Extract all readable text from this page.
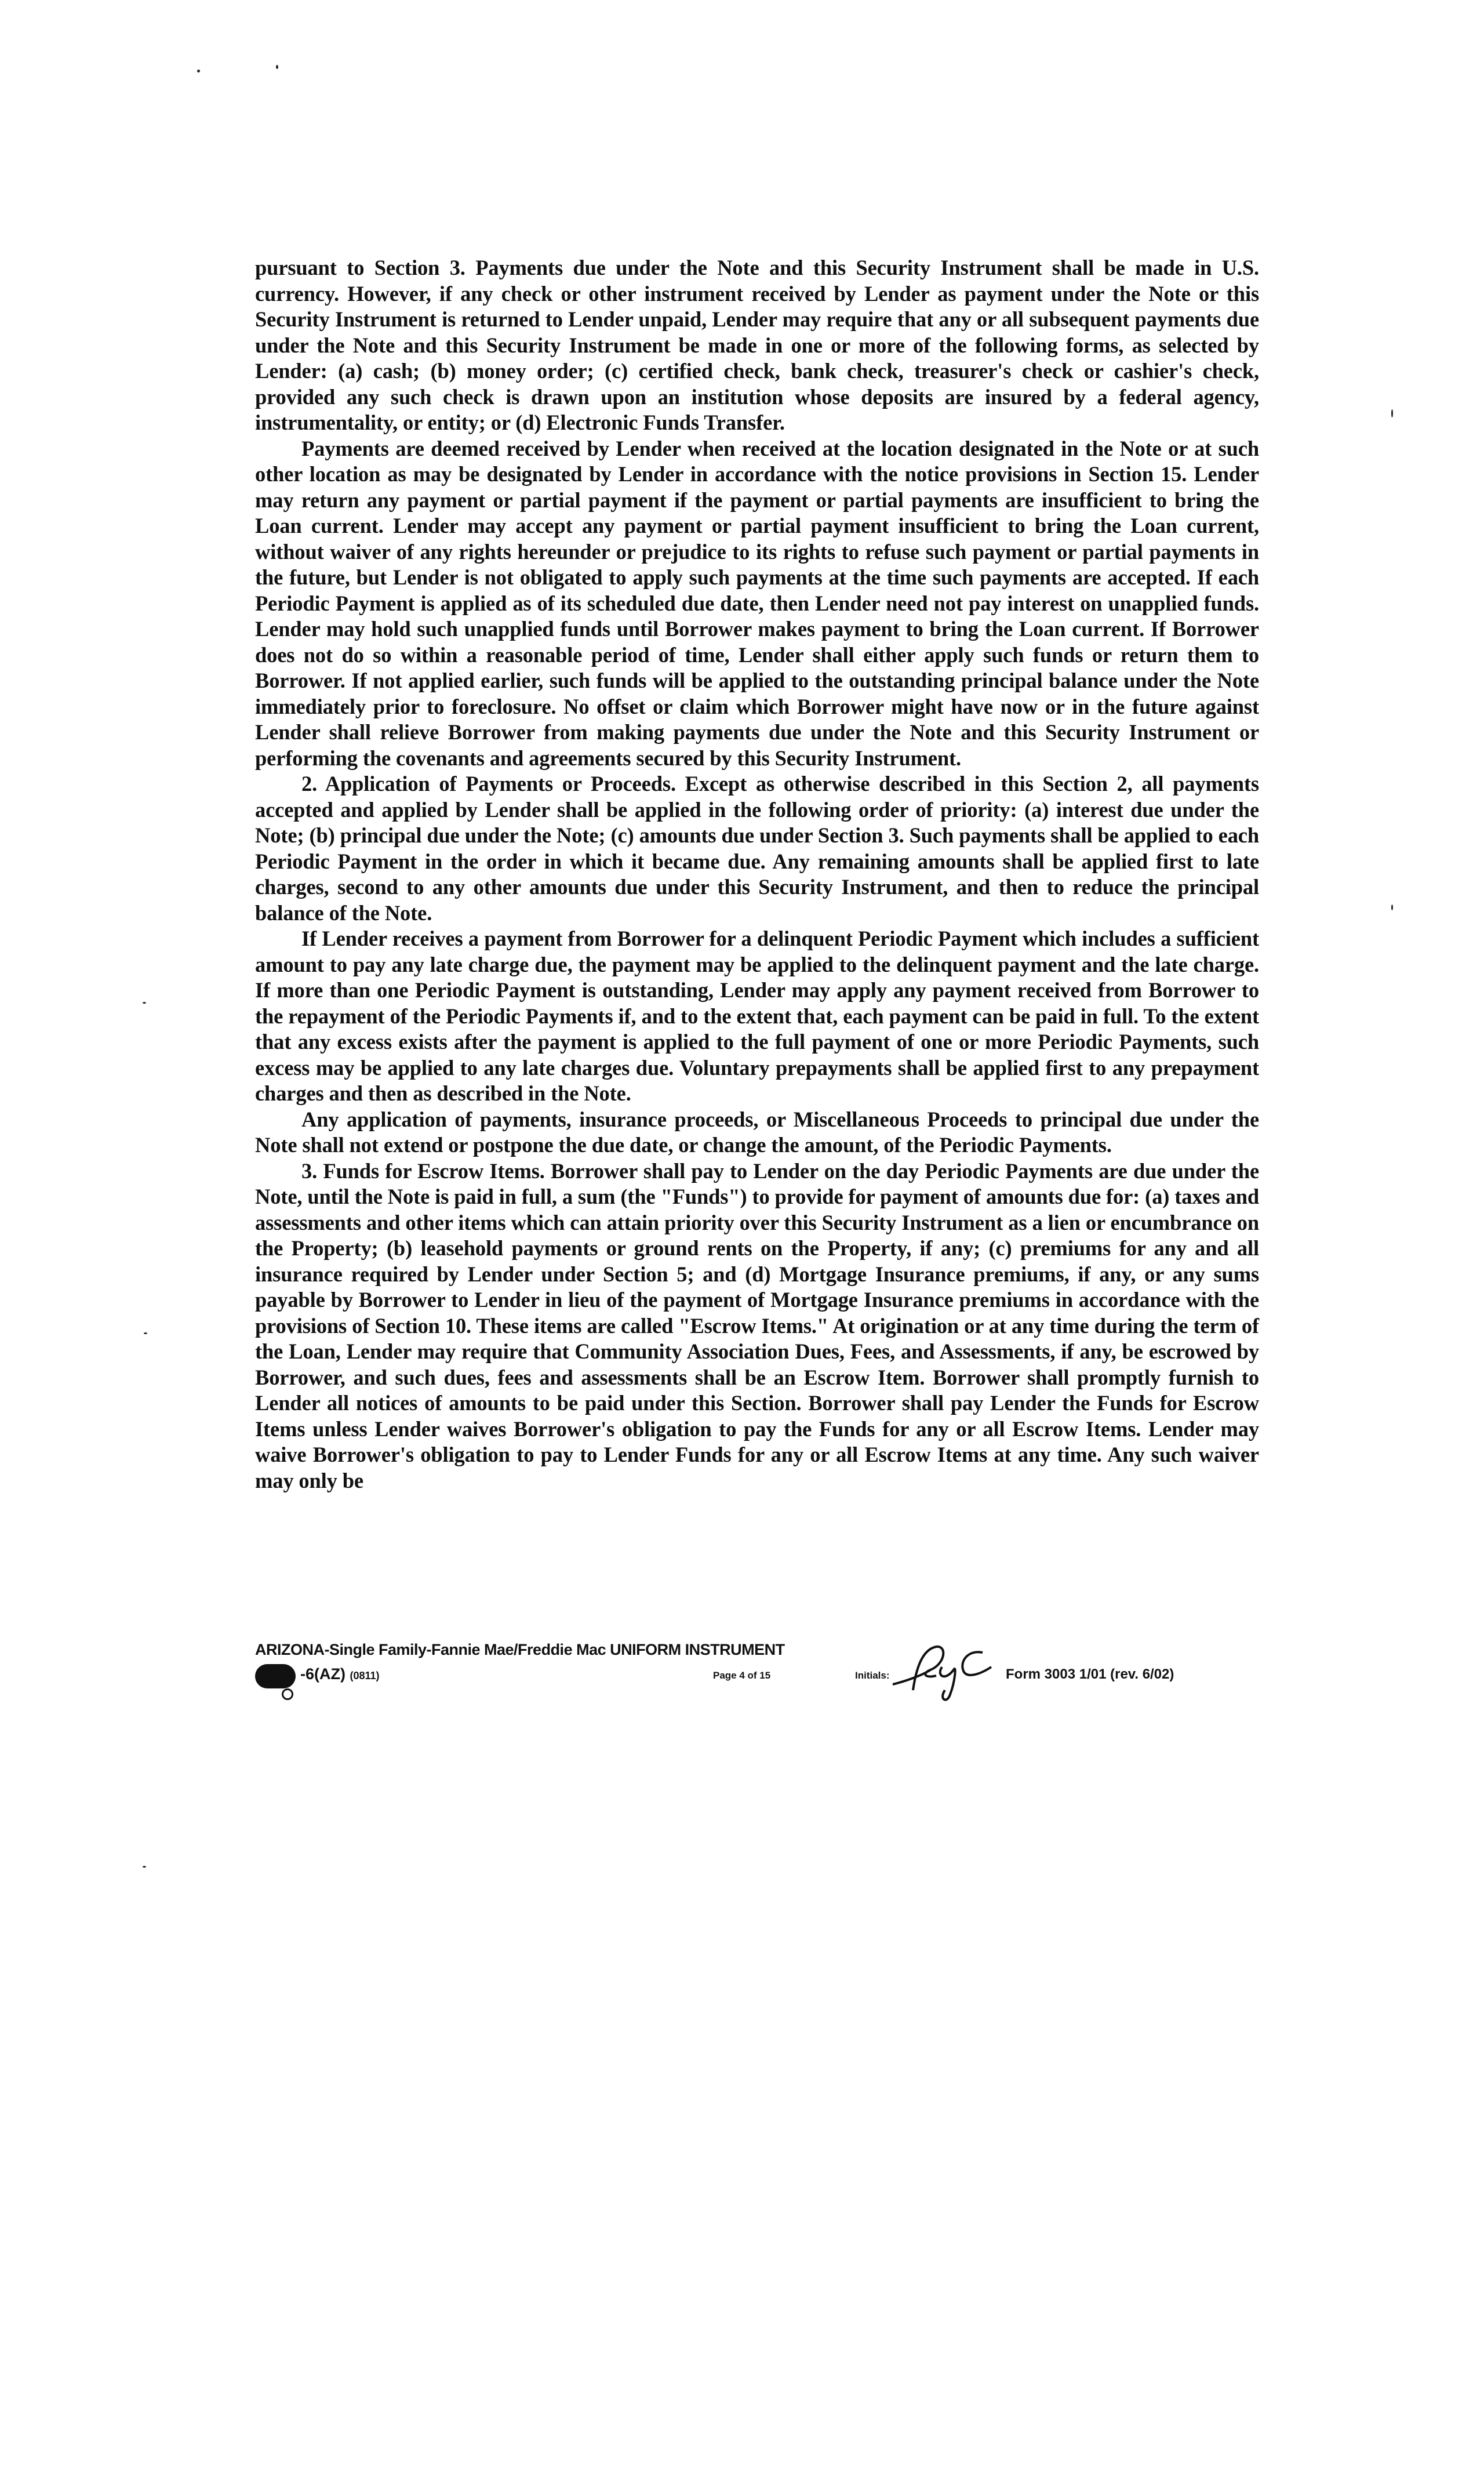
pursuant to Section 3. Payments due under the Note and this Security Instrument shall be made in U.S. currency. However, if any check or other instrument received by Lender as payment under the Note or this Security Instrument is returned to Lender unpaid, Lender may require that any or all subsequent payments due under the Note and this Security Instrument be made in one or more of the following forms, as selected by Lender: (a) cash; (b) money order; (c) certified check, bank check, treasurer's check or cashier's check, provided any such check is drawn upon an institution whose deposits are insured by a federal agency, instrumentality, or entity; or (d) Electronic Funds Transfer.

Payments are deemed received by Lender when received at the location designated in the Note or at such other location as may be designated by Lender in accordance with the notice provisions in Section 15. Lender may return any payment or partial payment if the payment or partial payments are insufficient to bring the Loan current. Lender may accept any payment or partial payment insufficient to bring the Loan current, without waiver of any rights hereunder or prejudice to its rights to refuse such payment or partial payments in the future, but Lender is not obligated to apply such payments at the time such payments are accepted. If each Periodic Payment is applied as of its scheduled due date, then Lender need not pay interest on unapplied funds. Lender may hold such unapplied funds until Borrower makes payment to bring the Loan current. If Borrower does not do so within a reasonable period of time, Lender shall either apply such funds or return them to Borrower. If not applied earlier, such funds will be applied to the outstanding principal balance under the Note immediately prior to foreclosure. No offset or claim which Borrower might have now or in the future against Lender shall relieve Borrower from making payments due under the Note and this Security Instrument or performing the covenants and agreements secured by this Security Instrument.

2. Application of Payments or Proceeds. Except as otherwise described in this Section 2, all payments accepted and applied by Lender shall be applied in the following order of priority: (a) interest due under the Note; (b) principal due under the Note; (c) amounts due under Section 3. Such payments shall be applied to each Periodic Payment in the order in which it became due. Any remaining amounts shall be applied first to late charges, second to any other amounts due under this Security Instrument, and then to reduce the principal balance of the Note.

If Lender receives a payment from Borrower for a delinquent Periodic Payment which includes a sufficient amount to pay any late charge due, the payment may be applied to the delinquent payment and the late charge. If more than one Periodic Payment is outstanding, Lender may apply any payment received from Borrower to the repayment of the Periodic Payments if, and to the extent that, each payment can be paid in full. To the extent that any excess exists after the payment is applied to the full payment of one or more Periodic Payments, such excess may be applied to any late charges due. Voluntary prepayments shall be applied first to any prepayment charges and then as described in the Note.

Any application of payments, insurance proceeds, or Miscellaneous Proceeds to principal due under the Note shall not extend or postpone the due date, or change the amount, of the Periodic Payments.

3. Funds for Escrow Items. Borrower shall pay to Lender on the day Periodic Payments are due under the Note, until the Note is paid in full, a sum (the "Funds") to provide for payment of amounts due for: (a) taxes and assessments and other items which can attain priority over this Security Instrument as a lien or encumbrance on the Property; (b) leasehold payments or ground rents on the Property, if any; (c) premiums for any and all insurance required by Lender under Section 5; and (d) Mortgage Insurance premiums, if any, or any sums payable by Borrower to Lender in lieu of the payment of Mortgage Insurance premiums in accordance with the provisions of Section 10. These items are called "Escrow Items." At origination or at any time during the term of the Loan, Lender may require that Community Association Dues, Fees, and Assessments, if any, be escrowed by Borrower, and such dues, fees and assessments shall be an Escrow Item. Borrower shall promptly furnish to Lender all notices of amounts to be paid under this Section. Borrower shall pay Lender the Funds for Escrow Items unless Lender waives Borrower's obligation to pay the Funds for any or all Escrow Items. Lender may waive Borrower's obligation to pay to Lender Funds for any or all Escrow Items at any time. Any such waiver may only be

ARIZONA-Single Family-Fannie Mae/Freddie Mac UNIFORM INSTRUMENT
-6(AZ) (0811)	Page 4 of 15	Initials:	Form 3003 1/01 (rev. 6/02)
